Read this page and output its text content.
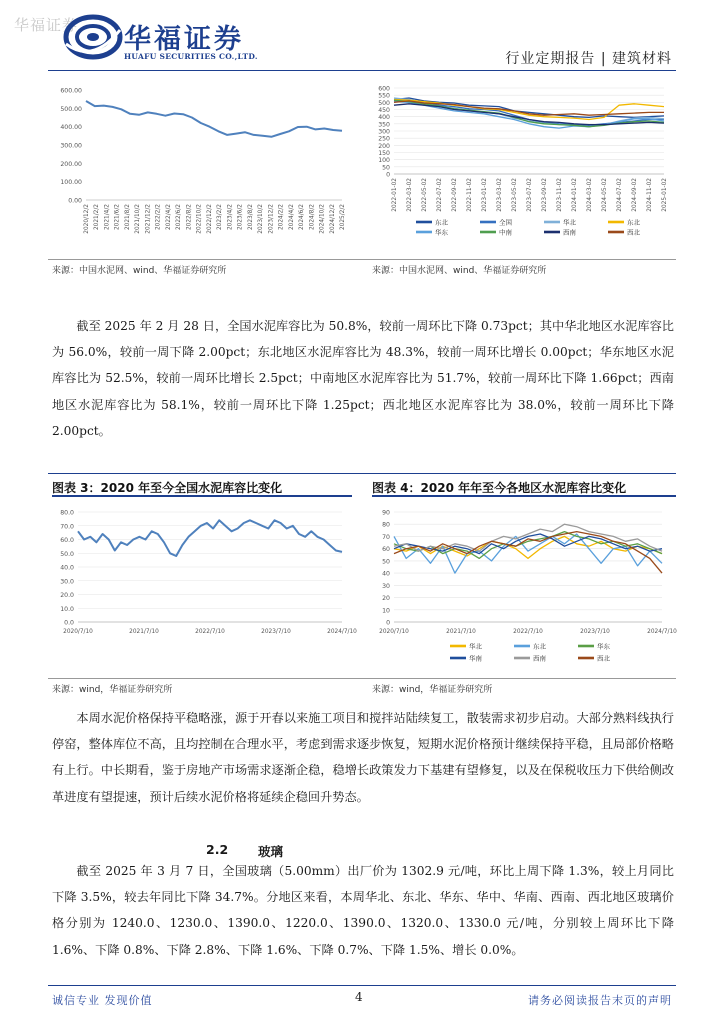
华福证券 华福证券
HUAFU SECURITIES CO.,LTD.	行业定期报告 | 建筑材料
0.00
100.00
200.00
300.00
400.00
500.00
600.00
2020/12/2 2021/2/2 2021/4/2 2021/6/2 2021/8/2 2021/10/2 2021/12/2 2022/2/2 2022/4/2 2022/6/2 2022/8/2 2022/10/2 2022/12/2 2023/2/2 2023/4/2 2023/6/2 2023/8/2 2023/10/2 2023/12/2 2024/2/2 2024/4/2 2024/6/2 2024/8/2 2024/10/2 2024/12/2 2025/2/2
0
50
100
150
200
250
300
350
400
450
500
550
600
2022-01-02 2022-03-02 2022-05-02 2022-07-02 2022-09-02 2022-11-02 2023-01-02 2023-03-02 2023-05-02 2023-07-02 2023-09-02 2023-11-02 2024-01-02 2024-03-02 2024-05-02 2024-07-02 2024-09-02 2024-11-02 2025-01-02
东北	全国	华北	东北
华东	中南	西南	西北
来源：中国水泥网、wind、华福证券研究所	来源：中国水泥网、wind、华福证券研究所

截至 2025 年 2 月 28 日，全国水泥库容比为 50.8%，较前一周环比下降 0.73pct；其中华北地区水泥库容比为 56.0%，较前一周下降 2.00pct；东北地区水泥库容比为 48.3%，较前一周环比增长 0.00pct；华东地区水泥库容比为 52.5%，较前一周环比增长 2.5pct；中南地区水泥库容比为 51.7%，较前一周环比下降 1.66pct；西南地区水泥库容比为 58.1%，较前一周环比下降 1.25pct；西北地区水泥库容比为 38.0%，较前一周环比下降 2.00pct。

图表 3：2020 年至今全国水泥库容比变化	图表 4：2020 年年至今各地区水泥库容比变化
0.0
10.0
20.0
30.0
40.0
50.0
60.0
70.0
80.0
2020/7/10	2021/7/10	2022/7/10	2023/7/10	2024/7/10
0
10
20
30
40
50
60
70
80
90
2020/7/10	2021/7/10	2022/7/10	2023/7/10	2024/7/10
华北	东北	华东
华南	西南	西北
来源：wind，华福证券研究所	来源：wind，华福证券研究所

本周水泥价格保持平稳略涨，源于开春以来施工项目和搅拌站陆续复工，散装需求初步启动。大部分熟料线执行停窑，整体库位不高，且均控制在合理水平，考虑到需求逐步恢复，短期水泥价格预计继续保持平稳，且局部价格略有上行。中长期看，鉴于房地产市场需求逐渐企稳，稳增长政策发力下基建有望修复，以及在保税收压力下供给侧改革进度有望提速，预计后续水泥价格将延续企稳回升势态。

2.2 玻璃

截至 2025 年 3 月 7 日，全国玻璃（5.00mm）出厂价为 1302.9 元/吨，环比上周下降 1.3%，较上月同比下降 3.5%，较去年同比下降 34.7%。分地区来看，本周华北、东北、华东、华中、华南、西南、西北地区玻璃价格分别为 1240.0、1230.0、1390.0、1220.0、1390.0、1320.0、1330.0 元/吨，分别较上周环比下降 1.6%、下降 0.8%、下降 2.8%、下降 1.6%、下降 0.7%、下降 1.5%、增长 0.0%。

诚信专业 发现价值	4	请务必阅读报告末页的声明
